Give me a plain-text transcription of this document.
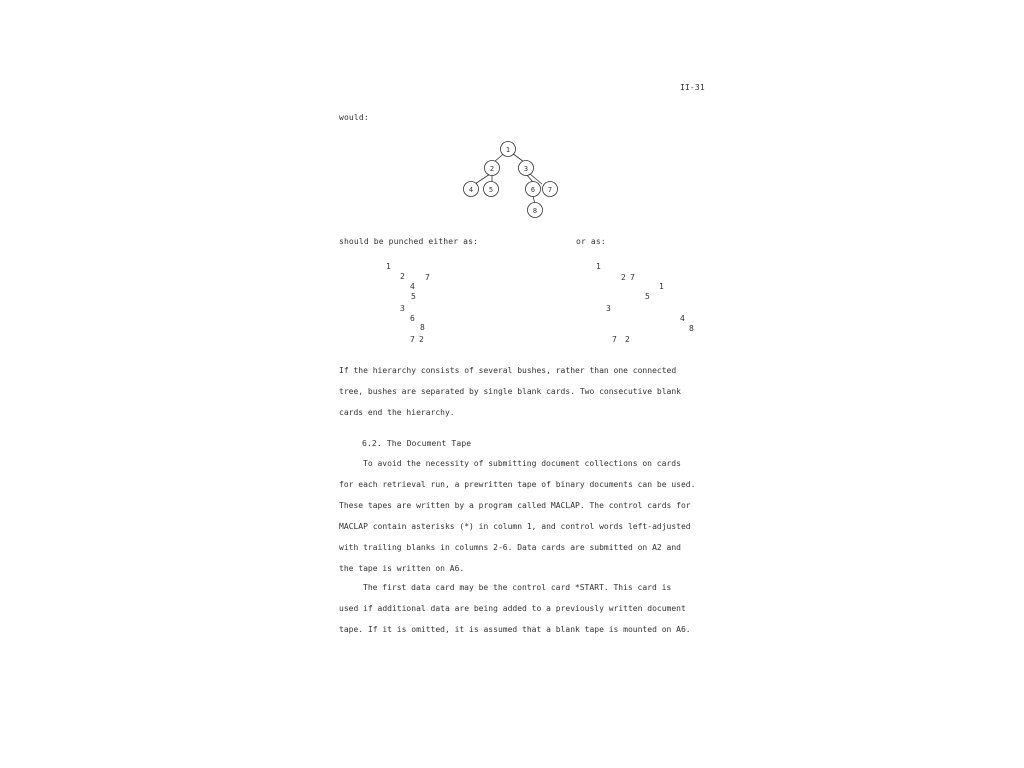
II-31
would:
1
2	3
4 5	6 7
8
should be punched either as:	or as:
1
2	7
4
5
3
6
8
7 2
1
2 7
1
5
3
4
8
7 2
If the hierarchy consists of several bushes, rather than one connected
tree, bushes are separated by single blank cards. Two consecutive blank
cards end the hierarchy.
6.2. The Document Tape
To avoid the necessity of submitting document collections on cards
for each retrieval run, a prewritten tape of binary documents can be used.
These tapes are written by a program called MACLAP. The control cards for
MACLAP contain asterisks (*) in column 1, and control words left-adjusted
with trailing blanks in columns 2-6. Data cards are submitted on A2 and
the tape is written on A6.
The first data card may be the control card *START. This card is
used if additional data are being added to a previously written document
tape. If it is omitted, it is assumed that a blank tape is mounted on A6.
